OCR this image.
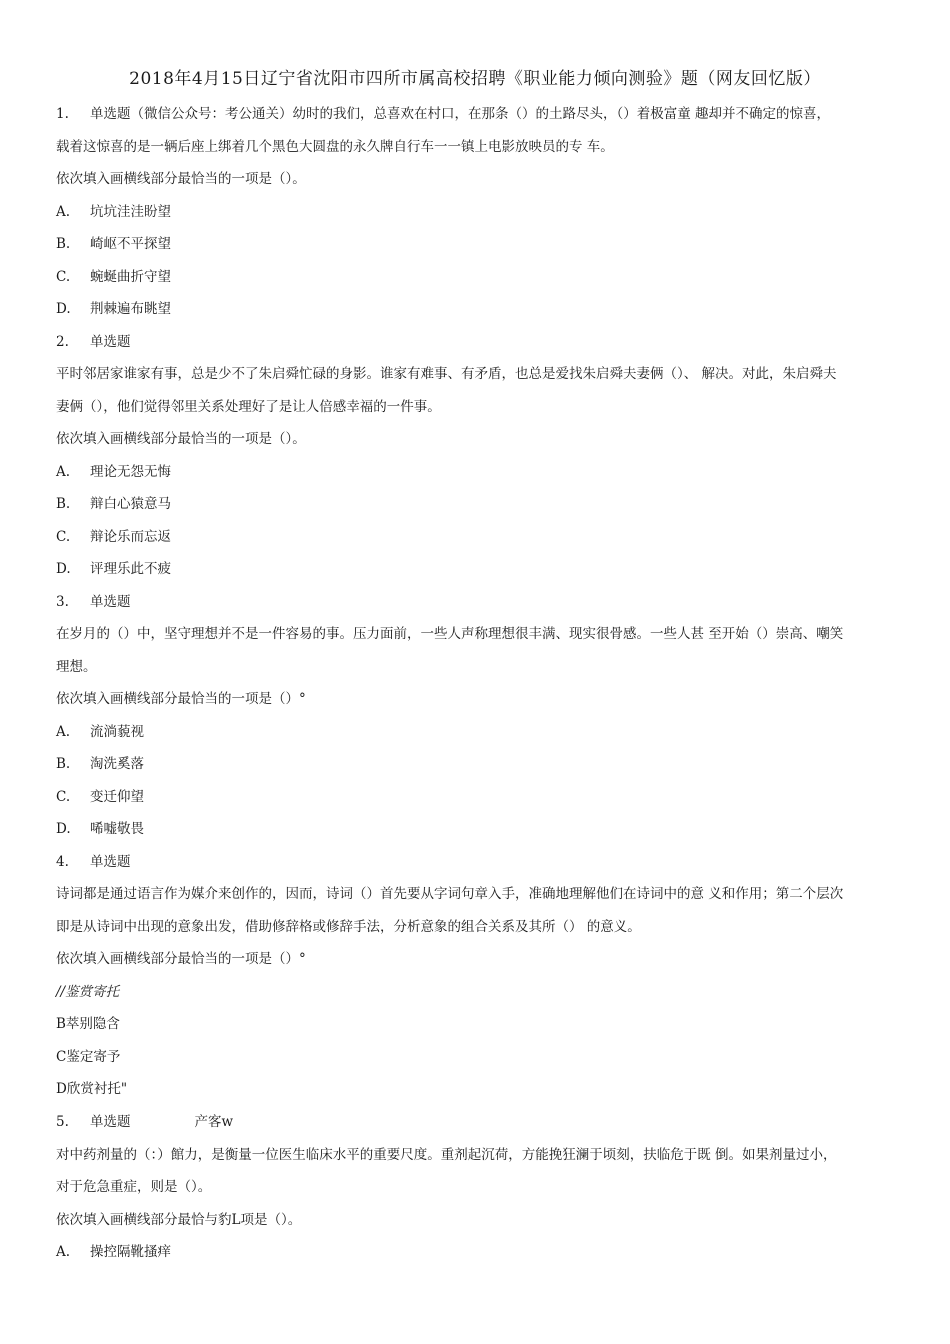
2018年4月15日辽宁省沈阳市四所市属高校招聘《职业能力倾向测验》题（网友回忆版）
1. 单选题（微信公众号：考公通关）幼时的我们，总喜欢在村口，在那条（）的土路尽头，（）着极富童 趣却并不确定的惊喜，
载着这惊喜的是一辆后座上绑着几个黑色大圆盘的永久牌自行车一一镇上电影放映员的专 车。
依次填入画横线部分最恰当的一项是（）。
A. 坑坑洼洼盼望
B. 崎岖不平探望
C. 蜿蜒曲折守望
D. 荆棘遍布眺望
2. 单选题
平时邻居家谁家有事，总是少不了朱启舜忙碌的身影。谁家有难事、有矛盾，也总是爱找朱启舜夫妻俩（）、 解决。对此，朱启舜夫
妻俩（），他们觉得邻里关系处理好了是让人倍感幸福的一件事。
依次填入画横线部分最恰当的一项是（）。
A. 理论无怨无悔
B. 辩白心猿意马
C. 辩论乐而忘返
D. 评理乐此不疲
3. 单选题
在岁月的（）中，坚守理想并不是一件容易的事。压力面前，一些人声称理想很丰满、现实很骨感。一些人甚 至开始（）崇高、嘲笑
理想。
依次填入画横线部分最恰当的一项是（）°
A. 流淌藐视
B. 淘洗奚落
C. 变迁仰望
D. 唏嘘敬畏
4. 单选题
诗词都是通过语言作为媒介来创作的，因而，诗词（）首先要从字词句章入手，准确地理解他们在诗词中的意 义和作用；第二个层次
即是从诗词中出现的意象出发，借助修辞格或修辞手法，分析意象的组合关系及其所（） 的意义。
依次填入画横线部分最恰当的一项是（）°
//鉴赏寄托
B萃别隐含
C鉴定寄予
D欣赏衬托"
5. 单选题	产客w
对中药剂量的（：）館力，是衡量一位医生临床水平的重要尺度。重剂起沉荷，方能挽狂澜于顷刻，扶临危于既 倒。如果剂量过小，
对于危急重症，则是（）。
依次填入画横线部分最恰与豹L项是（）。
A. 操控隔靴搔痒
